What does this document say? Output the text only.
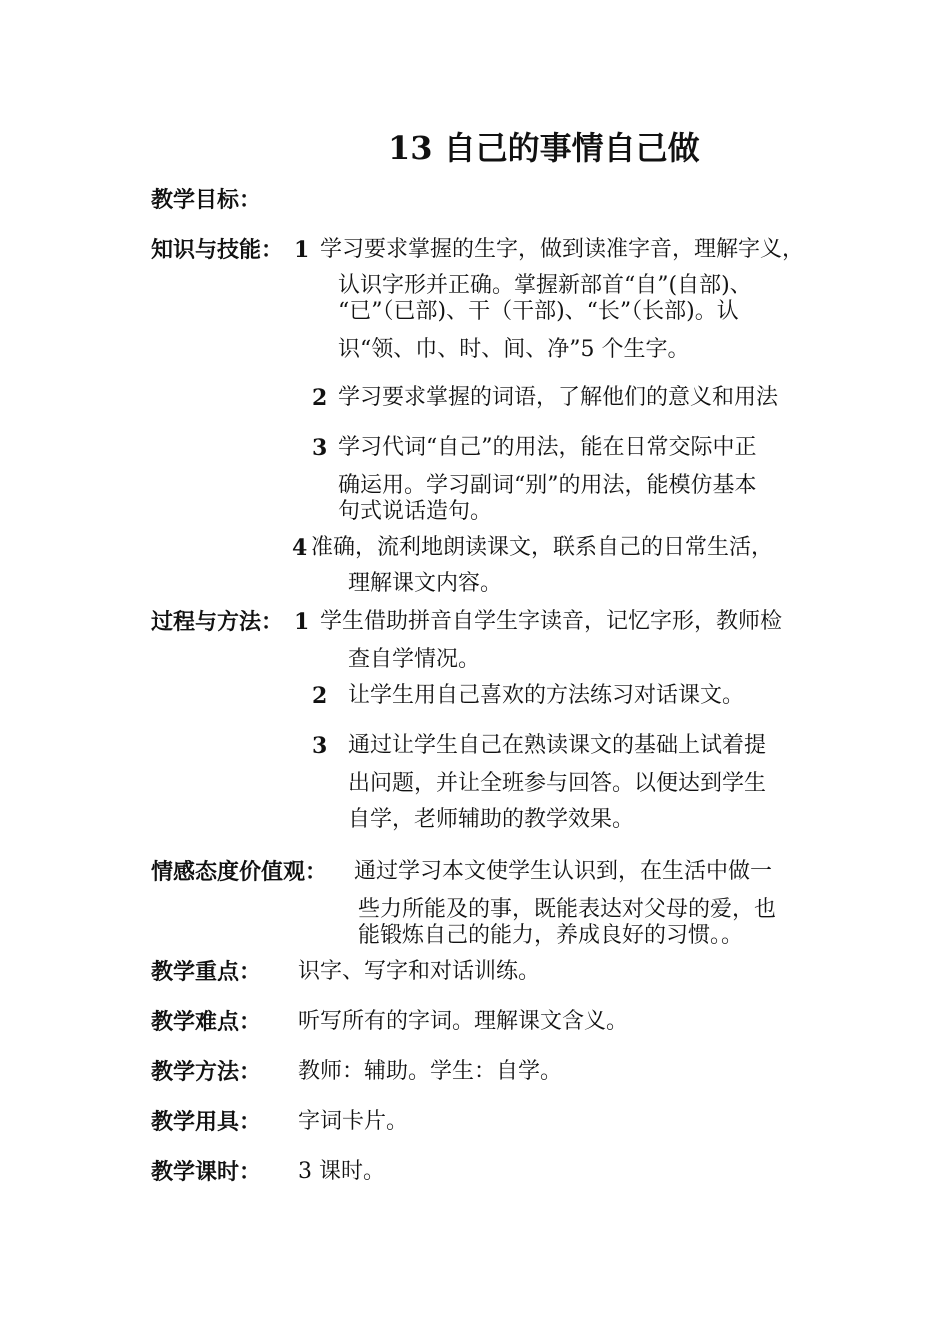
13 自己的事情自己做
教学目标：
知识与技能： 1 学习要求掌握的生字，做到读准字音，理解字义，
认识字形并正确。掌握新部首“自”(自部)、
“已”（已部)、干（干部)、“长”（长部)。认
识“领、巾、时、间、净”5 个生字。
2 学习要求掌握的词语，了解他们的意义和用法
3 学习代词“自己”的用法，能在日常交际中正
确运用。学习副词“别”的用法，能模仿基本
句式说话造句。
4 准确，流利地朗读课文，联系自己的日常生活，
理解课文内容。
过程与方法： 1 学生借助拼音自学生字读音，记忆字形，教师检
查自学情况。
2 让学生用自己喜欢的方法练习对话课文。
3 通过让学生自己在熟读课文的基础上试着提
出问题，并让全班参与回答。以便达到学生
自学，老师辅助的教学效果。
情感态度价值观： 通过学习本文使学生认识到，在生活中做一
些力所能及的事，既能表达对父母的爱，也
能锻炼自己的能力，养成良好的习惯。。
教学重点： 识字、写字和对话训练。
教学难点： 听写所有的字词。理解课文含义。
教学方法： 教师：辅助。学生：自学。
教学用具： 字词卡片。
教学课时： 3 课时。
